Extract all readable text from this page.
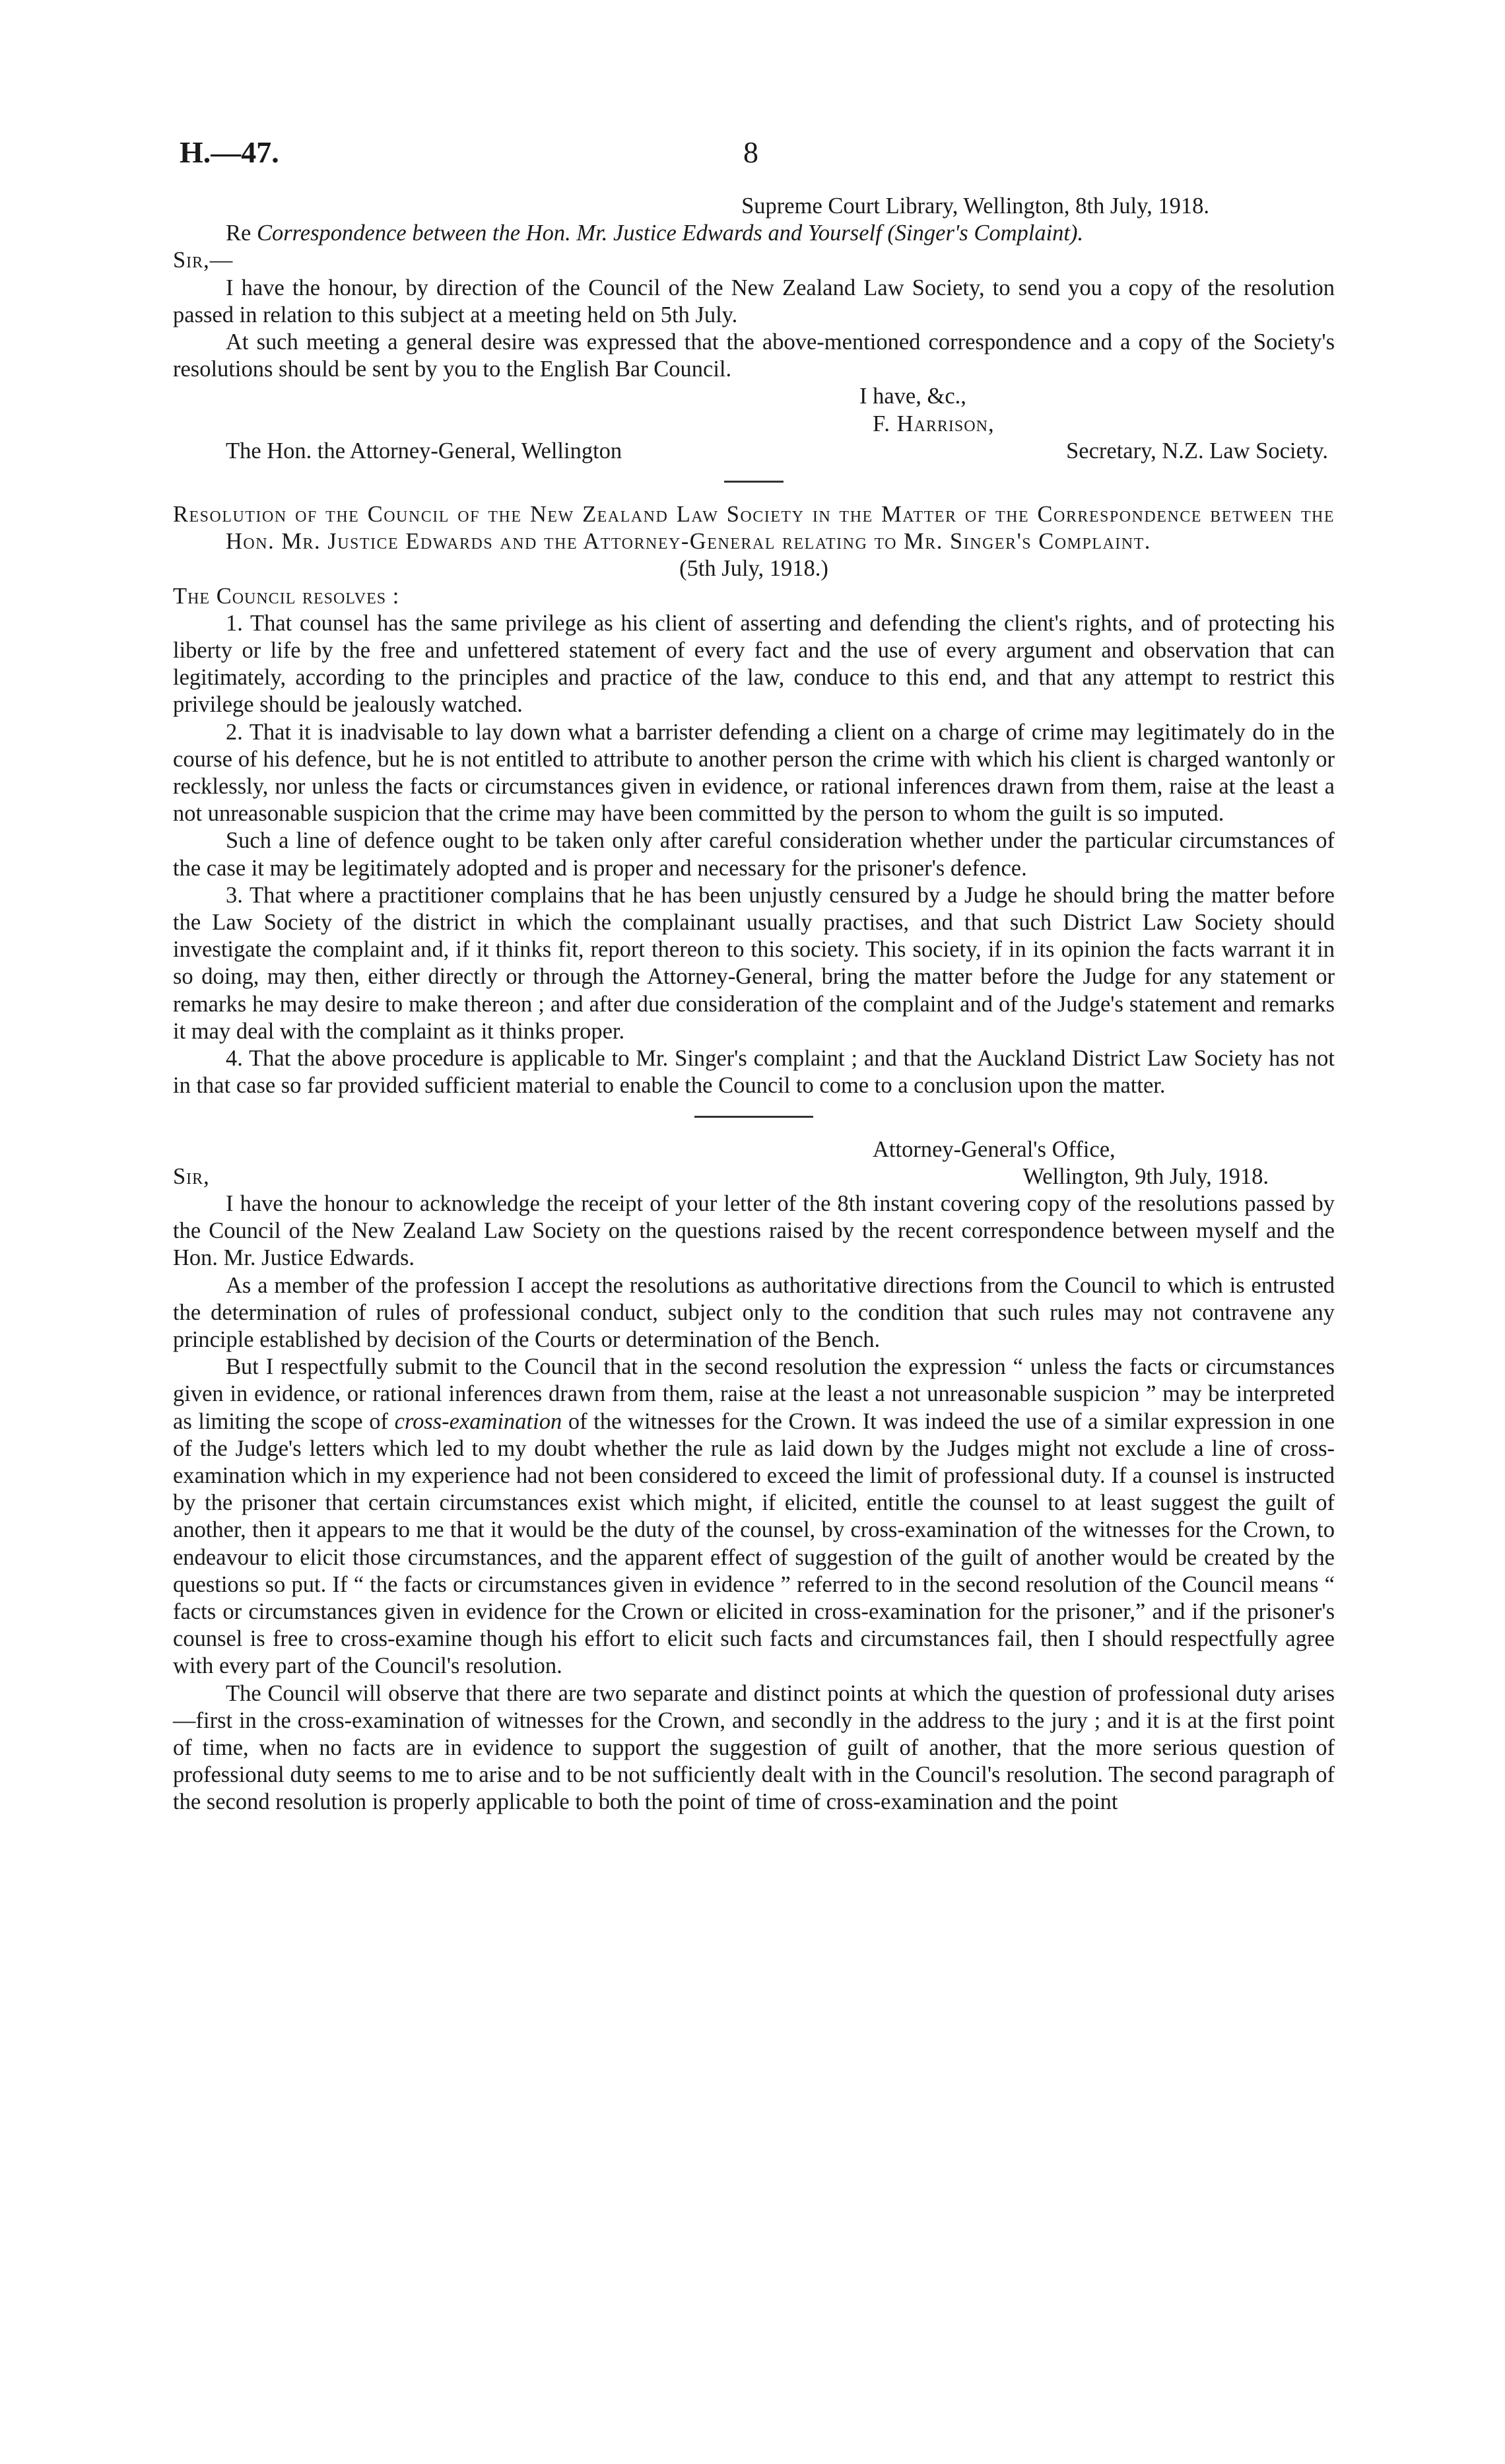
H.—47.	8

Supreme Court Library, Wellington, 8th July, 1918.

Re Correspondence between the Hon. Mr. Justice Edwards and Yourself (Singer's Complaint).

Sir,—

I have the honour, by direction of the Council of the New Zealand Law Society, to send you a copy of the resolution passed in relation to this subject at a meeting held on 5th July.

At such meeting a general desire was expressed that the above-mentioned correspondence and a copy of the Society's resolutions should be sent by you to the English Bar Council.

I have, &c.,

F. Harrison,

The Hon. the Attorney-General, Wellington	Secretary, N.Z. Law Society.

Resolution of the Council of the New Zealand Law Society in the Matter of the Correspondence between the Hon. Mr. Justice Edwards and the Attorney-General relating to Mr. Singer's Complaint.

(5th July, 1918.)

The Council resolves :

1. That counsel has the same privilege as his client of asserting and defending the client's rights, and of protecting his liberty or life by the free and unfettered statement of every fact and the use of every argument and observation that can legitimately, according to the principles and practice of the law, conduce to this end, and that any attempt to restrict this privilege should be jealously watched.

2. That it is inadvisable to lay down what a barrister defending a client on a charge of crime may legitimately do in the course of his defence, but he is not entitled to attribute to another person the crime with which his client is charged wantonly or recklessly, nor unless the facts or circumstances given in evidence, or rational inferences drawn from them, raise at the least a not unreasonable suspicion that the crime may have been committed by the person to whom the guilt is so imputed.

Such a line of defence ought to be taken only after careful consideration whether under the particular circumstances of the case it may be legitimately adopted and is proper and necessary for the prisoner's defence.

3. That where a practitioner complains that he has been unjustly censured by a Judge he should bring the matter before the Law Society of the district in which the complainant usually practises, and that such District Law Society should investigate the complaint and, if it thinks fit, report thereon to this society. This society, if in its opinion the facts warrant it in so doing, may then, either directly or through the Attorney-General, bring the matter before the Judge for any statement or remarks he may desire to make thereon ; and after due consideration of the complaint and of the Judge's statement and remarks it may deal with the complaint as it thinks proper.

4. That the above procedure is applicable to Mr. Singer's complaint ; and that the Auckland District Law Society has not in that case so far provided sufficient material to enable the Council to come to a conclusion upon the matter.

Attorney-General's Office,

Sir,	Wellington, 9th July, 1918.

I have the honour to acknowledge the receipt of your letter of the 8th instant covering copy of the resolutions passed by the Council of the New Zealand Law Society on the questions raised by the recent correspondence between myself and the Hon. Mr. Justice Edwards.

As a member of the profession I accept the resolutions as authoritative directions from the Council to which is entrusted the determination of rules of professional conduct, subject only to the condition that such rules may not contravene any principle established by decision of the Courts or determination of the Bench.

But I respectfully submit to the Council that in the second resolution the expression “ unless the facts or circumstances given in evidence, or rational inferences drawn from them, raise at the least a not unreasonable suspicion ” may be interpreted as limiting the scope of cross-examination of the witnesses for the Crown. It was indeed the use of a similar expression in one of the Judge's letters which led to my doubt whether the rule as laid down by the Judges might not exclude a line of cross-examination which in my experience had not been considered to exceed the limit of professional duty. If a counsel is instructed by the prisoner that certain circumstances exist which might, if elicited, entitle the counsel to at least suggest the guilt of another, then it appears to me that it would be the duty of the counsel, by cross-examination of the witnesses for the Crown, to endeavour to elicit those circumstances, and the apparent effect of suggestion of the guilt of another would be created by the questions so put. If “ the facts or circumstances given in evidence ” referred to in the second resolution of the Council means “ facts or circumstances given in evidence for the Crown or elicited in cross-examination for the prisoner,” and if the prisoner's counsel is free to cross-examine though his effort to elicit such facts and circumstances fail, then I should respectfully agree with every part of the Council's resolution.

The Council will observe that there are two separate and distinct points at which the question of professional duty arises—first in the cross-examination of witnesses for the Crown, and secondly in the address to the jury ; and it is at the first point of time, when no facts are in evidence to support the suggestion of guilt of another, that the more serious question of professional duty seems to me to arise and to be not sufficiently dealt with in the Council's resolution. The second paragraph of the second resolution is properly applicable to both the point of time of cross-examination and the point
